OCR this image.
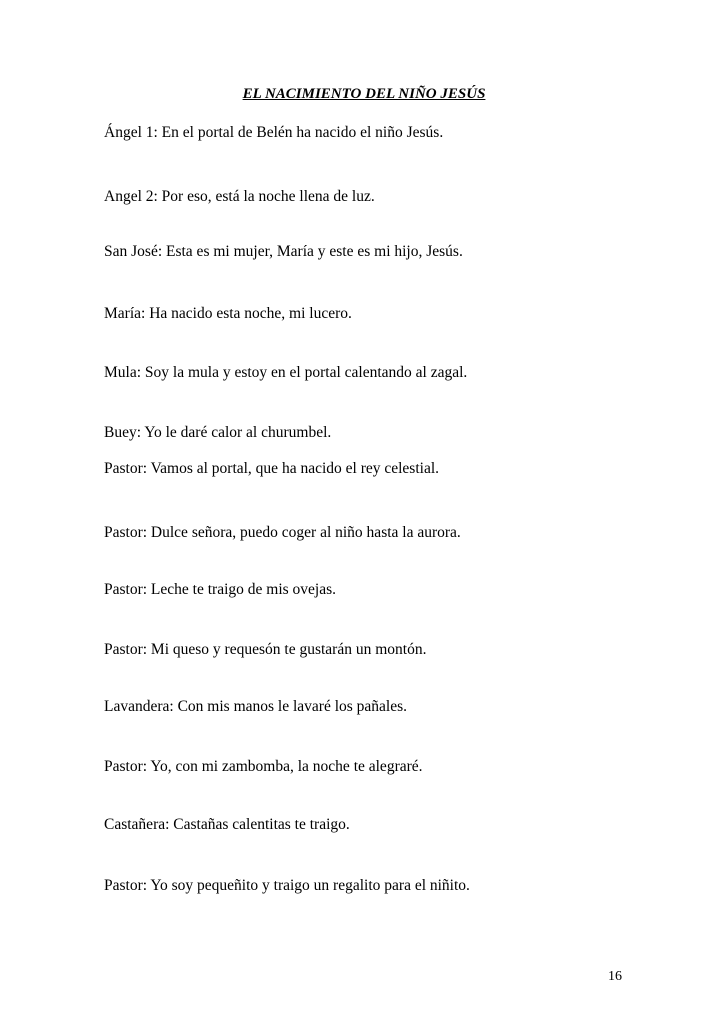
EL NACIMIENTO DEL NIÑO JESÚS
Ángel 1: En el portal de Belén ha nacido el niño Jesús.
Angel 2: Por eso, está la noche llena de luz.
San José: Esta es mi mujer, María y este es mi hijo, Jesús.
María: Ha nacido esta noche, mi lucero.
Mula: Soy la mula y estoy en el portal calentando al zagal.
Buey: Yo le daré calor al churumbel.
Pastor: Vamos al portal, que ha nacido el rey celestial.
Pastor: Dulce señora, puedo coger al niño hasta la aurora.
Pastor: Leche te traigo de mis ovejas.
Pastor: Mi queso y requesón te gustarán un montón.
Lavandera: Con mis manos le lavaré los pañales.
Pastor: Yo, con mi zambomba, la noche te alegraré.
Castañera: Castañas calentitas te traigo.
Pastor: Yo soy pequeñito y traigo un regalito para el niñito.
16
